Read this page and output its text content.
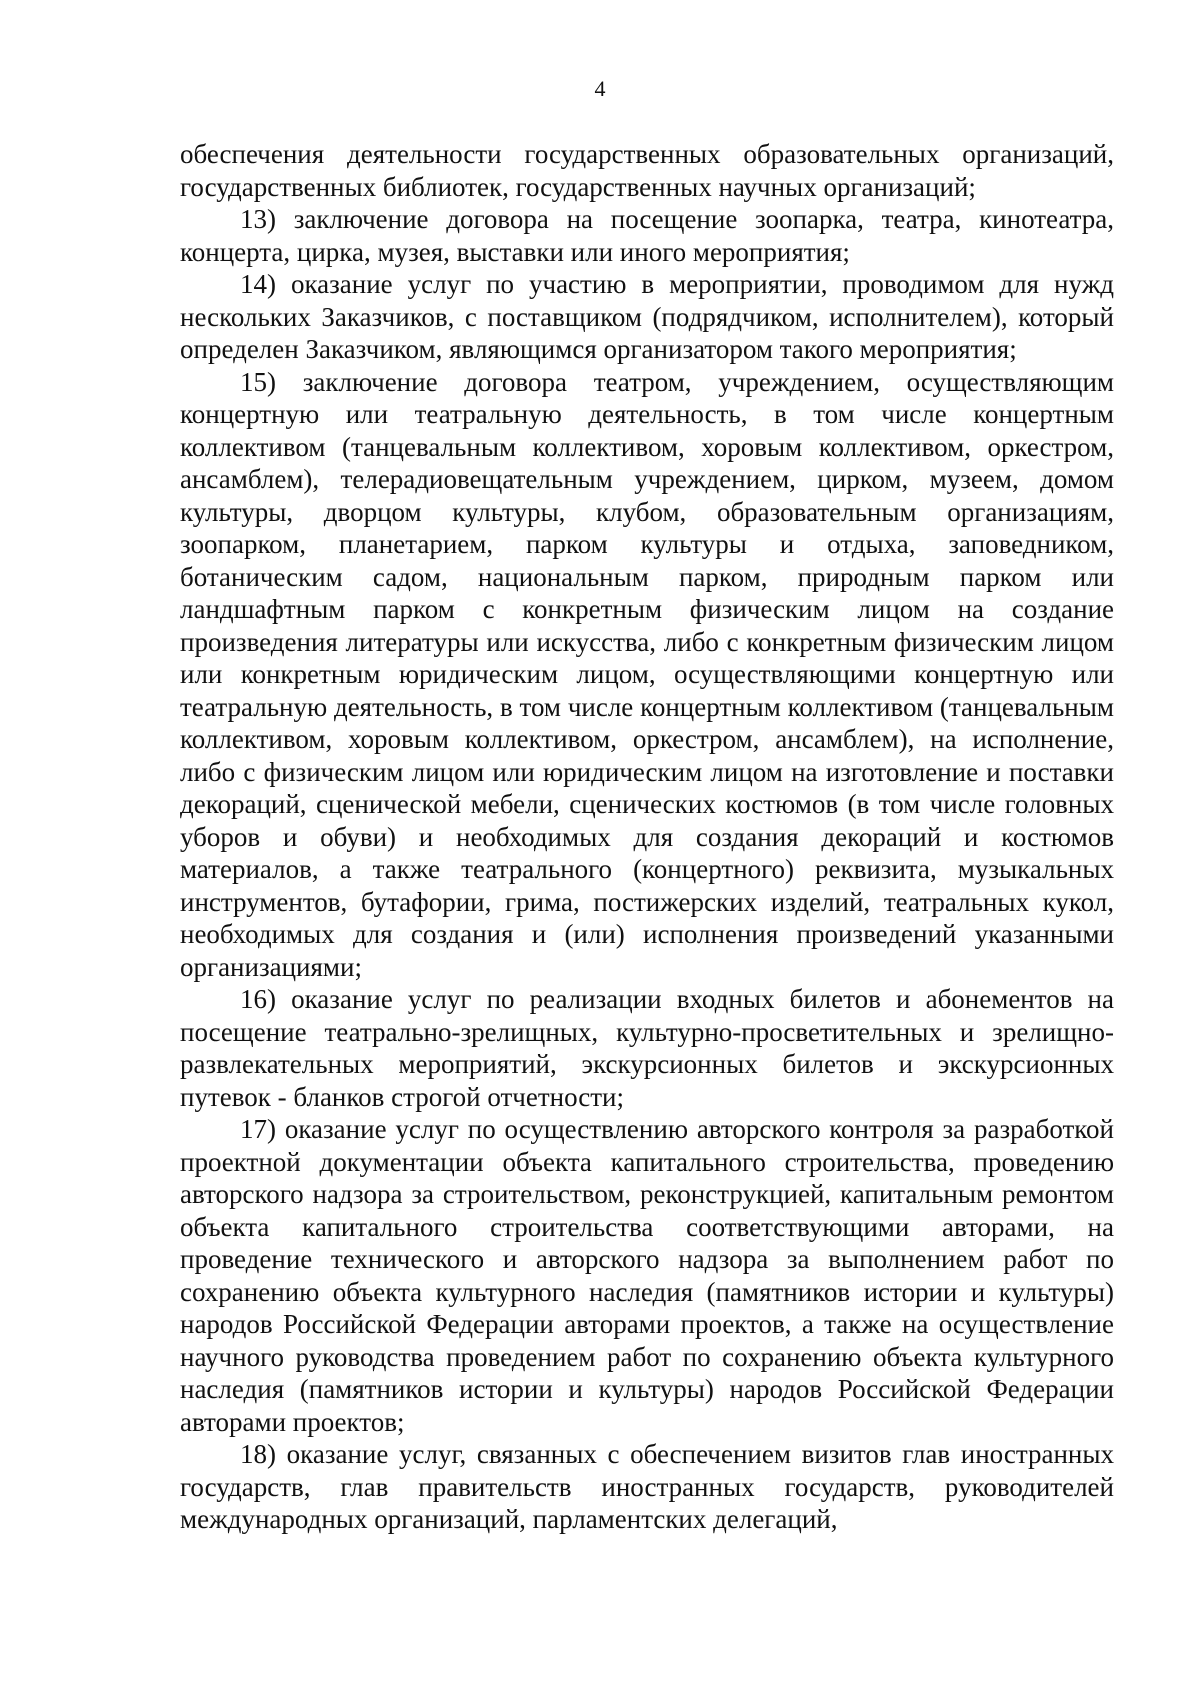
4

обеспечения деятельности государственных образовательных организаций, государственных библиотек, государственных научных организаций;

13) заключение договора на посещение зоопарка, театра, кинотеатра, концерта, цирка, музея, выставки или иного мероприятия;

14) оказание услуг по участию в мероприятии, проводимом для нужд нескольких Заказчиков, с поставщиком (подрядчиком, исполнителем), который определен Заказчиком, являющимся организатором такого мероприятия;

15) заключение договора театром, учреждением, осуществляющим концертную или театральную деятельность, в том числе концертным коллективом (танцевальным коллективом, хоровым коллективом, оркестром, ансамблем), телерадиовещательным учреждением, цирком, музеем, домом культуры, дворцом культуры, клубом, образовательным организациям, зоопарком, планетарием, парком культуры и отдыха, заповедником, ботаническим садом, национальным парком, природным парком или ландшафтным парком с конкретным физическим лицом на создание произведения литературы или искусства, либо с конкретным физическим лицом или конкретным юридическим лицом, осуществляющими концертную или театральную деятельность, в том числе концертным коллективом (танцевальным коллективом, хоровым коллективом, оркестром, ансамблем), на исполнение, либо с физическим лицом или юридическим лицом на изготовление и поставки декораций, сценической мебели, сценических костюмов (в том числе головных уборов и обуви) и необходимых для создания декораций и костюмов материалов, а также театрального (концертного) реквизита, музыкальных инструментов, бутафории, грима, постижерских изделий, театральных кукол, необходимых для создания и (или) исполнения произведений указанными организациями;

16) оказание услуг по реализации входных билетов и абонементов на посещение театрально-зрелищных, культурно-просветительных и зрелищно-развлекательных мероприятий, экскурсионных билетов и экскурсионных путевок - бланков строгой отчетности;

17) оказание услуг по осуществлению авторского контроля за разработкой проектной документации объекта капитального строительства, проведению авторского надзора за строительством, реконструкцией, капитальным ремонтом объекта капитального строительства соответствующими авторами, на проведение технического и авторского надзора за выполнением работ по сохранению объекта культурного наследия (памятников истории и культуры) народов Российской Федерации авторами проектов, а также на осуществление научного руководства проведением работ по сохранению объекта культурного наследия (памятников истории и культуры) народов Российской Федерации авторами проектов;

18) оказание услуг, связанных с обеспечением визитов глав иностранных государств, глав правительств иностранных государств, руководителей международных организаций, парламентских делегаций,
